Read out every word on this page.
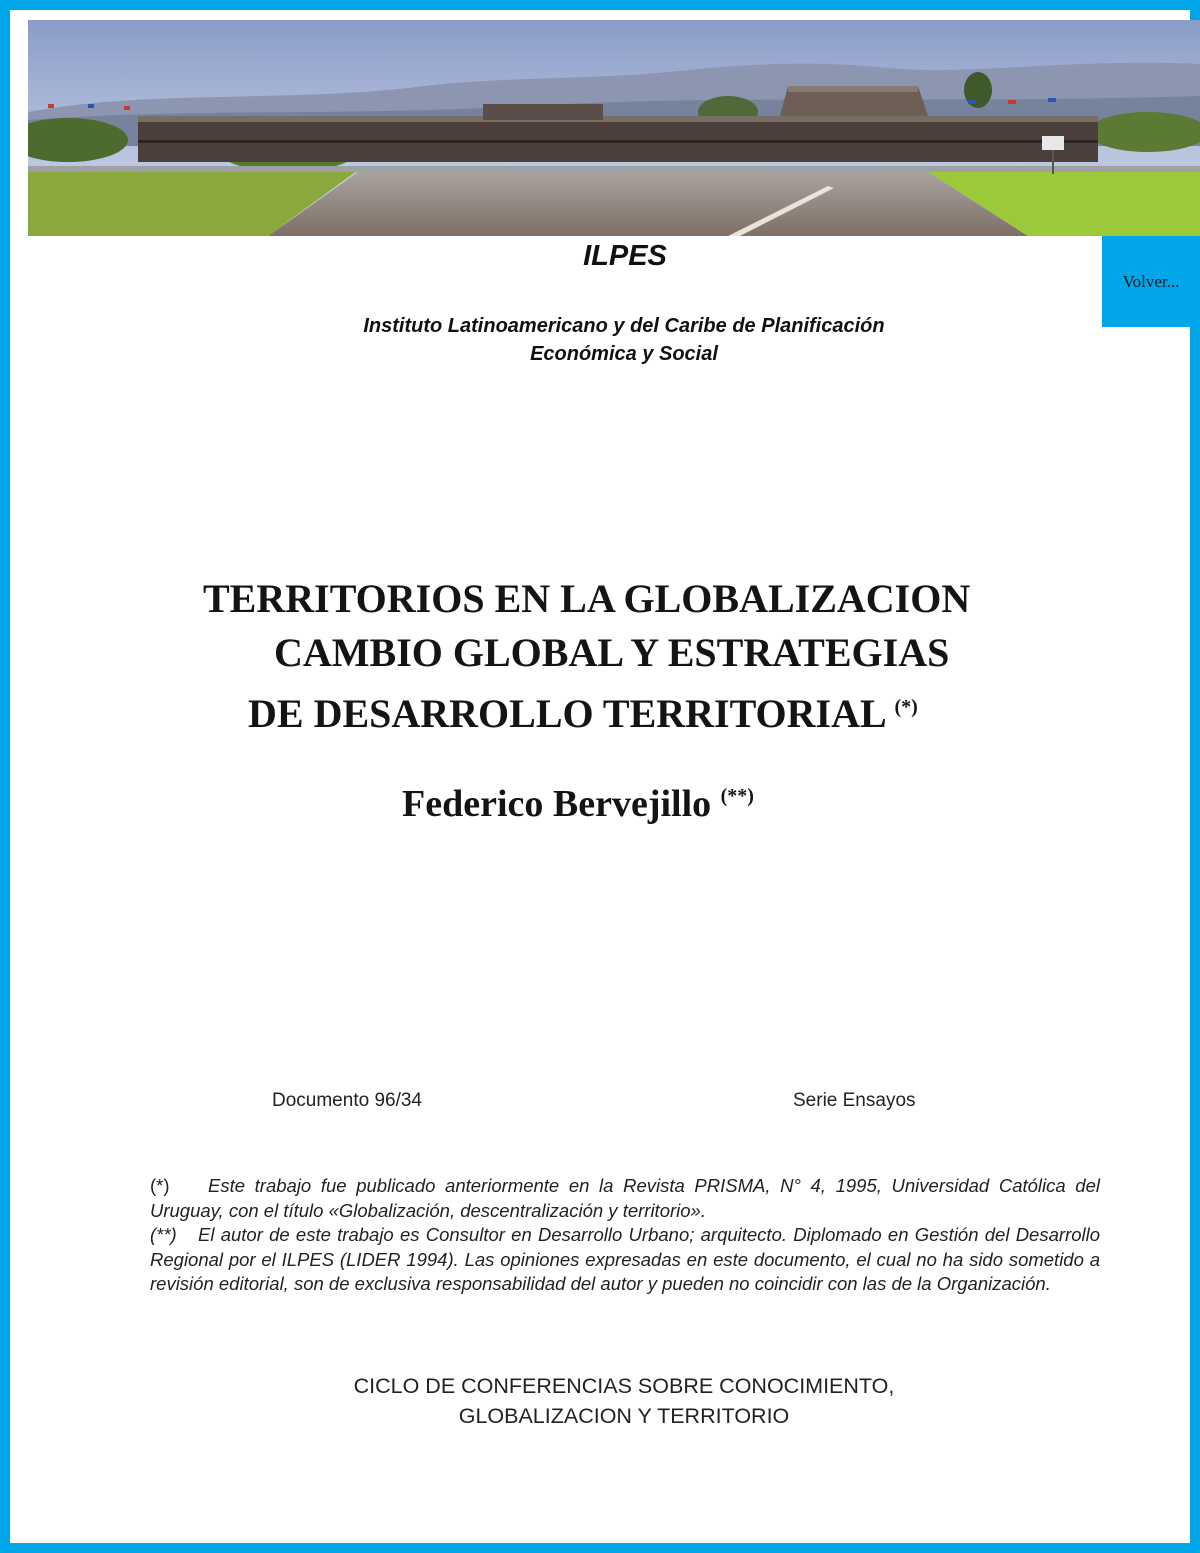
Volver...
ILPES
Instituto Latinoamericano y del Caribe de Planificación
Económica y Social
TERRITORIOS EN LA GLOBALIZACION
CAMBIO GLOBAL Y ESTRATEGIAS
DE DESARROLLO TERRITORIAL (*)
Federico Bervejillo (**)
Documento 96/34	Serie Ensayos

(*) Este trabajo fue publicado anteriormente en la Revista PRISMA, N° 4, 1995, Universidad Católica del Uruguay, con el título «Globalización, descentralización y territorio».

(**) El autor de este trabajo es Consultor en Desarrollo Urbano; arquitecto. Diplomado en Gestión del Desarrollo Regional por el ILPES (LIDER 1994). Las opiniones expresadas en este documento, el cual no ha sido sometido a revisión editorial, son de exclusiva responsabilidad del autor y pueden no coincidir con las de la Organización.

CICLO DE CONFERENCIAS SOBRE CONOCIMIENTO,
GLOBALIZACION Y TERRITORIO
